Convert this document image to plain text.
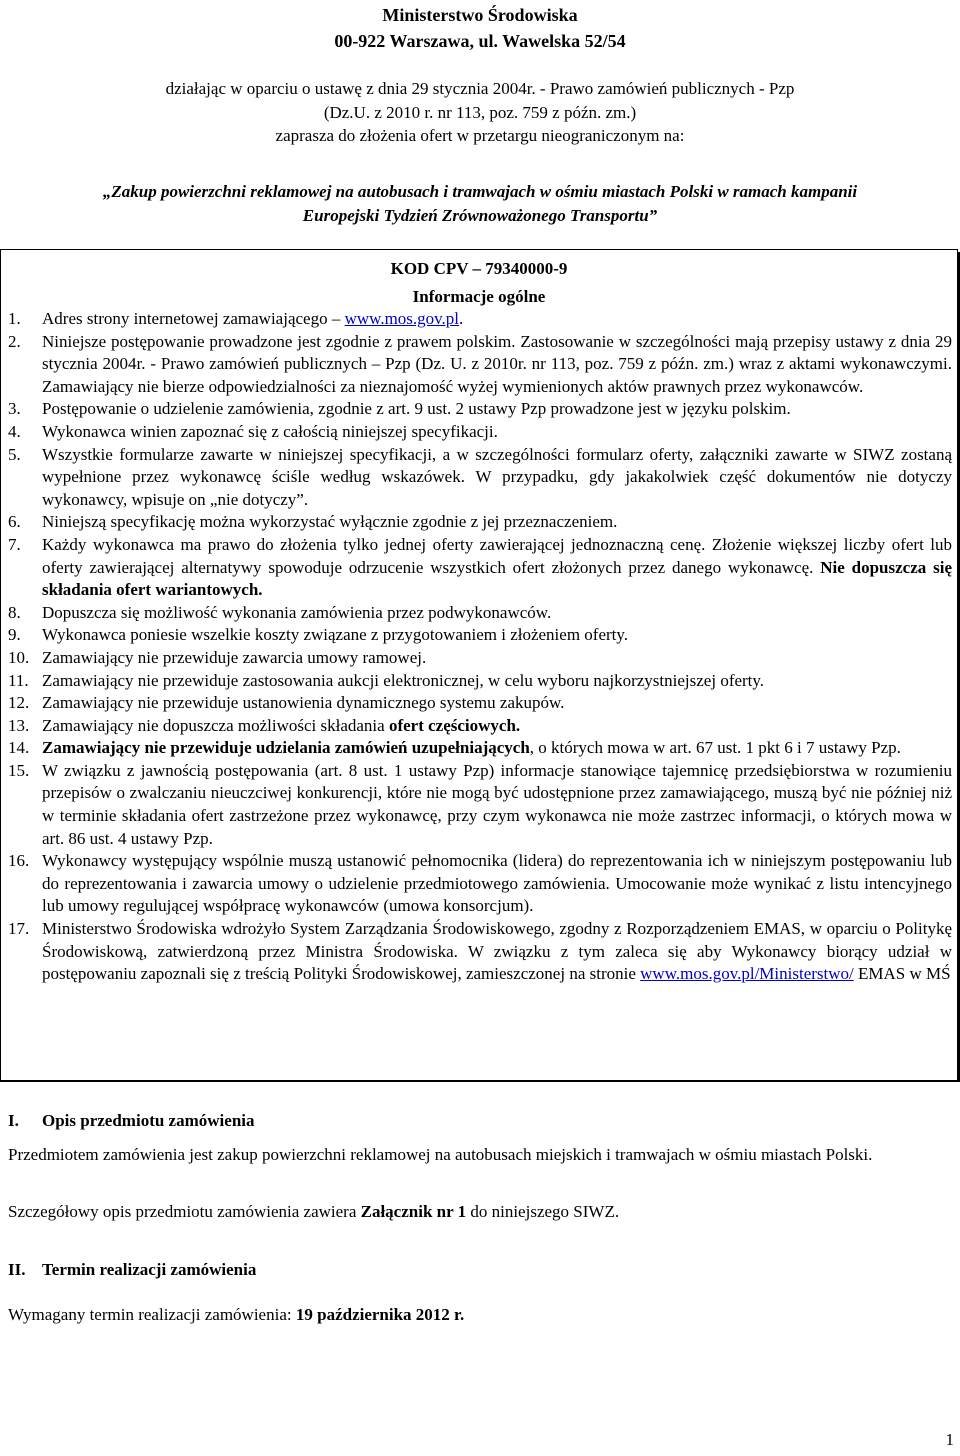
Ministerstwo Środowiska
00-922 Warszawa, ul. Wawelska 52/54
działając w oparciu o ustawę z dnia 29 stycznia 2004r. - Prawo zamówień publicznych - Pzp
(Dz.U. z 2010 r. nr 113, poz. 759 z późn. zm.)
zaprasza do złożenia ofert w przetargu nieograniczonym na:
„Zakup powierzchni reklamowej na autobusach i tramwajach w ośmiu miastach Polski w ramach kampanii
Europejski Tydzień Zrównoważonego Transportu”
KOD CPV – 79340000-9
Informacje ogólne
1.	Adres strony internetowej zamawiającego – www.mos.gov.pl.
2.	Niniejsze postępowanie prowadzone jest zgodnie z prawem polskim. Zastosowanie w szczególności mają przepisy ustawy z dnia 29 stycznia 2004r. - Prawo zamówień publicznych – Pzp (Dz. U. z 2010r. nr 113, poz. 759 z późn. zm.) wraz z aktami wykonawczymi. Zamawiający nie bierze odpowiedzialności za nieznajomość wyżej wymienionych aktów prawnych przez wykonawców.
3.	Postępowanie o udzielenie zamówienia, zgodnie z art. 9 ust. 2 ustawy Pzp prowadzone jest w języku polskim.
4.	Wykonawca winien zapoznać się z całością niniejszej specyfikacji.
5.	Wszystkie formularze zawarte w niniejszej specyfikacji, a w szczególności formularz oferty, załączniki zawarte w SIWZ zostaną wypełnione przez wykonawcę ściśle według wskazówek. W przypadku, gdy jakakolwiek część dokumentów nie dotyczy wykonawcy, wpisuje on „nie dotyczy”.
6.	Niniejszą specyfikację można wykorzystać wyłącznie zgodnie z jej przeznaczeniem.
7.	Każdy wykonawca ma prawo do złożenia tylko jednej oferty zawierającej jednoznaczną cenę. Złożenie większej liczby ofert lub oferty zawierającej alternatywy spowoduje odrzucenie wszystkich ofert złożonych przez danego wykonawcę. Nie dopuszcza się składania ofert wariantowych.
8.	Dopuszcza się możliwość wykonania zamówienia przez podwykonawców.
9.	Wykonawca poniesie wszelkie koszty związane z przygotowaniem i złożeniem oferty.
10. Zamawiający nie przewiduje zawarcia umowy ramowej.
11. Zamawiający nie przewiduje zastosowania aukcji elektronicznej, w celu wyboru najkorzystniejszej oferty.
12. Zamawiający nie przewiduje ustanowienia dynamicznego systemu zakupów.
13. Zamawiający nie dopuszcza możliwości składania ofert częściowych.
14. Zamawiający nie przewiduje udzielania zamówień uzupełniających, o których mowa w art. 67 ust. 1 pkt 6 i 7 ustawy Pzp.
15. W związku z jawnością postępowania (art. 8 ust. 1 ustawy Pzp) informacje stanowiące tajemnicę przedsiębiorstwa w rozumieniu przepisów o zwalczaniu nieuczciwej konkurencji, które nie mogą być udostępnione przez zamawiającego, muszą być nie później niż w terminie składania ofert zastrzeżone przez wykonawcę, przy czym wykonawca nie może zastrzec informacji, o których mowa w art. 86 ust. 4 ustawy Pzp.
16. Wykonawcy występujący wspólnie muszą ustanowić pełnomocnika (lidera) do reprezentowania ich w niniejszym postępowaniu lub do reprezentowania i zawarcia umowy o udzielenie przedmiotowego zamówienia. Umocowanie może wynikać z listu intencyjnego lub umowy regulującej współpracę wykonawców (umowa konsorcjum).
17. Ministerstwo Środowiska wdrożyło System Zarządzania Środowiskowego, zgodny z Rozporządzeniem EMAS, w oparciu o Politykę Środowiskową, zatwierdzoną przez Ministra Środowiska. W związku z tym zaleca się aby Wykonawcy biorący udział w postępowaniu zapoznali się z treścią Polityki Środowiskowej, zamieszczonej na stronie www.mos.gov.pl/Ministerstwo/ EMAS w MŚ
I. Opis przedmiotu zamówienia
Przedmiotem zamówienia jest zakup powierzchni reklamowej na autobusach miejskich i tramwajach w ośmiu miastach Polski.
Szczegółowy opis przedmiotu zamówienia zawiera Załącznik nr 1 do niniejszego SIWZ.
II. Termin realizacji zamówienia
Wymagany termin realizacji zamówienia: 19 października 2012 r.
1
